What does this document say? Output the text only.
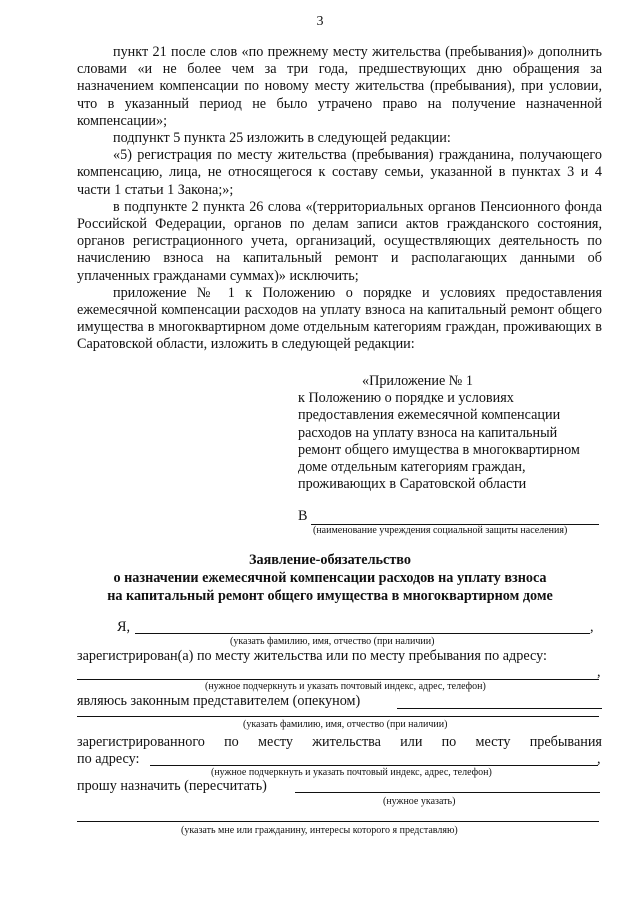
3

пункт 21 после слов «по прежнему месту жительства (пребывания)» дополнить словами «и не более чем за три года, предшествующих дню обращения за назначением компенсации по новому месту жительства (пребывания), при условии, что в указанный период не было утрачено право на получение назначенной компенсации»;

подпункт 5 пункта 25 изложить в следующей редакции:

«5) регистрация по месту жительства (пребывания) гражданина, получающего компенсацию, лица, не относящегося к составу семьи, указанной в пунктах 3 и 4 части 1 статьи 1 Закона;»;

в подпункте 2 пункта 26 слова «(территориальных органов Пенсионного фонда Российской Федерации, органов по делам записи актов гражданского состояния, органов регистрационного учета, организаций, осуществляющих деятельность по начислению взноса на капитальный ремонт и располагающих данными об уплаченных гражданами суммах)» исключить;

приложение № 1 к Положению о порядке и условиях предоставления ежемесячной компенсации расходов на уплату взноса на капитальный ремонт общего имущества в многоквартирном доме отдельным категориям граждан, проживающих в Саратовской области, изложить в следующей редакции:

«Приложение № 1
к Положению о порядке и условиях
предоставления ежемесячной компенсации
расходов на уплату взноса на капитальный
ремонт общего имущества в многоквартирном
доме отдельным категориям граждан,
проживающих в Саратовской области
В
(наименование учреждения социальной защиты населения)
Заявление-обязательство
о назначении ежемесячной компенсации расходов на уплату взноса
на капитальный ремонт общего имущества в многоквартирном доме
Я,	,
(указать фамилию, имя, отчество (при наличии)
зарегистрирован(а) по месту жительства или по месту пребывания по адресу:
,
(нужное подчеркнуть и указать почтовый индекс, адрес, телефон)
являюсь законным представителем (опекуном)
(указать фамилию, имя, отчество (при наличии)
зарегистрированного по месту жительства или по месту пребывания
по адресу:	,
(нужное подчеркнуть и указать почтовый индекс, адрес, телефон)
прошу назначить (пересчитать)
(нужное указать)
(указать мне или гражданину, интересы которого я представляю)
